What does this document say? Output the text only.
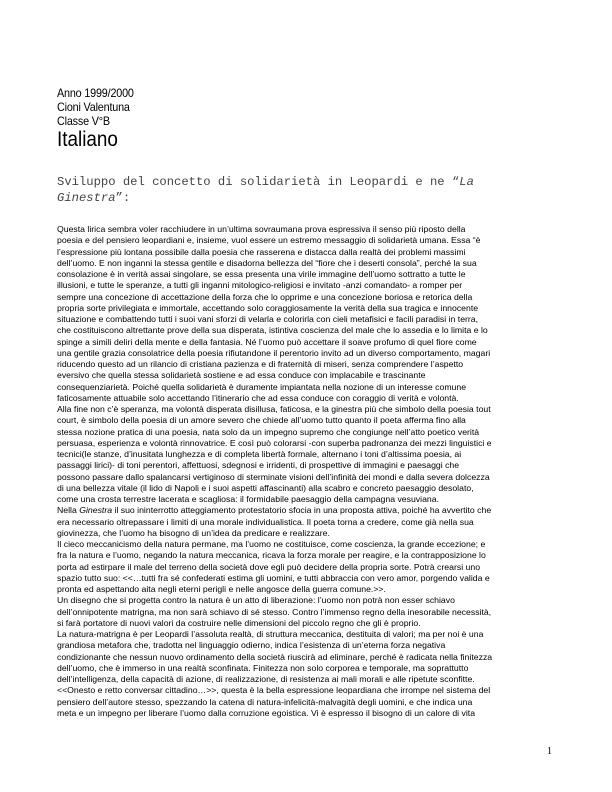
Anno 1999/2000
Cioni Valentuna
Classe V°B
Italiano
Sviluppo del concetto di solidarietà in Leopardi e ne “La
Ginestra”:
Questa lirica sembra voler racchiudere in un’ultima sovraumana prova espressiva il senso più riposto della
poesia e del pensiero leopardiani e, insieme, vuol essere un estremo messaggio di solidarietà umana. Essa “è
l’espressione più lontana possibile dalla poesia che rasserena e distacca dalla realtà dei problemi massimi
dell’uomo. E non inganni la stessa gentile e disadorna bellezza del “fiore che i deserti consola”, perché la sua
consolazione è in verità assai singolare, se essa presenta una virile immagine dell’uomo sottratto a tutte le
illusioni, e tutte le speranze, a tutti gli inganni mitologico-religiosi e invitato -anzi comandato- a romper per
sempre una concezione di accettazione della forza che lo opprime e una concezione boriosa e retorica della
propria sorte privilegiata e immortale, accettando solo coraggiosamente la verità della sua tragica e innocente
situazione e combattendo tutti i suoi vani sforzi di velarla e colorirla con cieli metafisici e facili paradisi in terra,
che costituiscono altrettante prove della sua disperata, istintiva coscienza del male che lo assedia e lo limita e lo
spinge a simili deliri della mente e della fantasia. Né l’uomo può accettare il soave profumo di quel fiore come
una gentile grazia consolatrice della poesia rifiutandone il perentorio invito ad un diverso comportamento, magari
riducendo questo ad un rilancio di cristiana pazienza e di fraternità di miseri, senza comprendere l’aspetto
eversivo che quella stessa solidarietà sostiene e ad essa conduce con implacabile e trascinante
consequenziarietà. Poiché quella solidarietà è duramente impiantata nella nozione di un interesse comune
faticosamente attuabile solo accettando l’itinerario che ad essa conduce con coraggio di verità e volontà.
Alla fine non c’è speranza, ma volontà disperata disillusa, faticosa, e la ginestra più che simbolo della poesia tout
court, è simbolo della poesia di un amore severo che chiede all’uomo tutto quanto il poeta afferma fino alla
stessa nozione pratica di una poesia, nata solo da un impegno supremo che congiunge nell’atto poetico verità
persuasa, esperienza e volontà rinnovatrice. E così può colorarsi -con superba padronanza dei mezzi linguistici e
tecnici(le stanze, d’inusitata lunghezza e di completa libertà formale, alternano i toni d’altissima poesia, ai
passaggi lirici)- di toni perentori, affettuosi, sdegnosi e irridenti, di prospettive di immagini e paesaggi che
possono passare dallo spalancarsi vertiginoso di sterminate visioni dell’infinità dei mondi e dalla severa dolcezza
di una bellezza vitale (il lido di Napoli e i suoi aspetti affascinanti) alla scabro e concreto paesaggio desolato,
come una crosta terrestre lacerata e scagliosa: il formidabile paesaggio della campagna vesuviana.
Nella Ginestra il suo ininterrotto atteggiamento protestatorio sfocia in una proposta attiva, poiché ha avvertito che
era necessario oltrepassare i limiti di una morale individualistica. Il poeta torna a credere, come già nella sua
giovinezza, che l’uomo ha bisogno di un’idea da predicare e realizzare.
Il cieco meccanicismo della natura permane, ma l’uomo ne costituisce, come coscienza, la grande eccezione; e
fra la natura e l’uomo, negando la natura meccanica, ricava la forza morale per reagire, e la contrapposizione lo
porta ad estirpare il male del terreno della società dove egli può decidere della propria sorte. Potrà crearsi uno
spazio tutto suo: <<…tutti fra sé confederati estima gli uomini, e tutti abbraccia con vero amor, porgendo valida e
pronta ed aspettando aita negli eterni perigli e nelle angosce della guerra comune.>>.
Un disegno che si progetta contro la natura è un atto di liberazione: l’uomo non potrà non esser schiavo
dell’onnipotente matrigna, ma non sarà schiavo di sé stesso. Contro l’immenso regno della inesorabile necessità,
si farà portatore di nuovi valori da costruire nelle dimensioni del piccolo regno che gli è proprio.
La natura-matrigna è per Leopardi l’assoluta realtà, di struttura meccanica, destituita di valori; ma per noi è una
grandiosa metafora che, tradotta nel linguaggio odierno, indica l’esistenza di un’eterna forza negativa
condizionante che nessun nuovo ordinamento della società riuscirà ad eliminare, perché è radicata nella finitezza
dell’uomo, che è immerso in una realtà sconfinata. Finitezza non solo corporea e temporale, ma soprattutto
dell’intelligenza, della capacità di azione, di realizzazione, di resistenza ai mali morali e alle ripetute sconfitte.
<<Onesto e retto conversar cittadino…>>, questa è la bella espressione leopardiana che irrompe nel sistema del
pensiero dell’autore stesso, spezzando la catena di natura-infelicità-malvagità degli uomini, e che indica una
meta e un impegno per liberare l’uomo dalla corruzione egoistica. Vi è espresso il bisogno di un calore di vita
1
